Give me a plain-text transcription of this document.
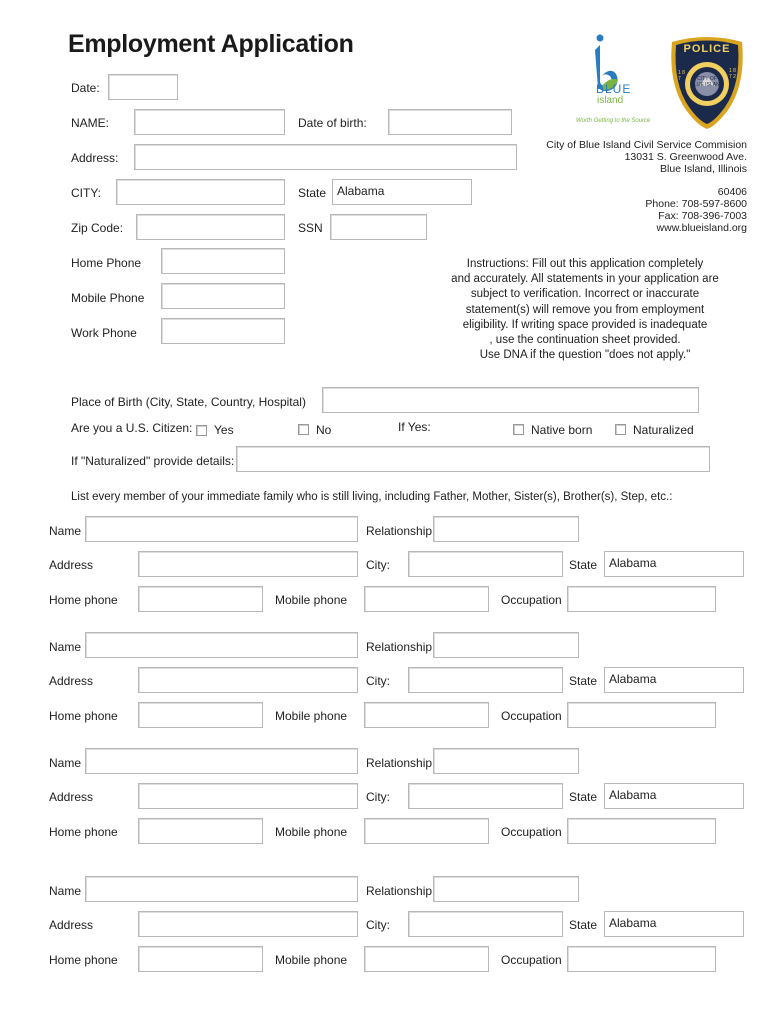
Employment Application
BLUE
island
Worth Getting to the Source
POLICE
CITY OF BLUE ISLAND
1 8 7
1 8 7 2
Date:
NAME:	Date of birth:
Address:
CITY:	State Alabama
Zip Code:	SSN
Home Phone
Mobile Phone
Work Phone
City of Blue Island Civil Service Commision
13031 S. Greenwood Ave.
Blue Island, Illinois
60406
Phone: 708-597-8600
Fax: 708-396-7003
www.blueisland.org
Instructions: Fill out this application completely
and accurately. All statements in your application are
subject to verification. Incorrect or inaccurate
statement(s) will remove you from employment
eligibility. If writing space provided is inadequate
, use the continuation sheet provided.
Use DNA if the question "does not apply."
Place of Birth (City, State, Country, Hospital)
Are you a U.S. Citizen: Yes	No	If Yes:	Native born	Naturalized
If "Naturalized" provide details:
List every member of your immediate family who is still living, including Father, Mother, Sister(s), Brother(s), Step, etc.:
Name	Relationship
Address	City:	State Alabama
Home phone	Mobile phone	Occupation
Name	Relationship
Address	City:	State Alabama
Home phone	Mobile phone	Occupation
Name	Relationship
Address	City:	State Alabama
Home phone	Mobile phone	Occupation
Name	Relationship
Address	City:	State Alabama
Home phone	Mobile phone	Occupation
